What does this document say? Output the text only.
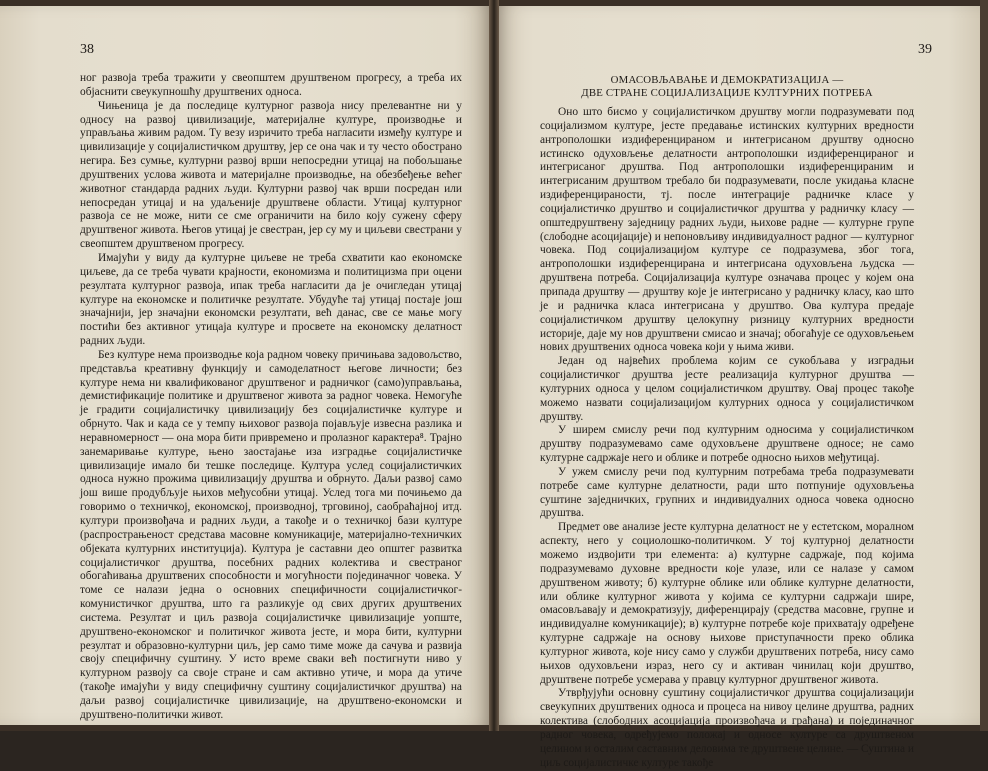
38

ног развоја треба тражити у свеопштем друштвеном прогресу, а треба их објаснити свеукупношћу друштвених односа.

Чињеница је да последице културног развоја нису прелевантне ни у односу на развој цивилизације, материјалне културе, производње и управљања живим радом. Ту везу изричито треба нагласити између културе и цивилизације у социјалистичком друштву, јер се она чак и ту често обострано негира. Без сумње, културни развој врши непосредни утицај на побољшање друштвених услова живота и материјалне производње, на обезбеђење већег животног стандарда радних људи. Културни развој чак врши посредан или непосредан утицај и на удаљеније друштвене области. Утицај културног развоја се не може, нити се сме ограничити на било коју сужену сферу друштвеног живота. Његов утицај је свестран, јер су му и циљеви свестрани у свеопштем друштвеном прогресу.

Имајући у виду да културне циљеве не треба схватити као економске циљеве, да се треба чувати крајности, економизма и политицизма при оцени резултата културног развоја, ипак треба нагласити да је очигледан утицај културе на економске и политичке резултате. Убудуће тај утицај постаје још значајнији, јер значајни економски резултати, већ данас, све се мање могу постићи без активног утицаја културе и просвете на економску делатност радних људи.

Без културе нема производње која радном човеку причињава задовољство, представља креативну функцију и самоделатност његове личности; без културе нема ни квалификованог друштвеног и радничког (само)управљања, демистификације политике и друштвеног живота за радног човека. Немогуће је градити социјалистичку цивилизацију без социјалистичке културе и обрнуто. Чак и када се у темпу њиховог развоја појављује извесна разлика и неравномерност — она мора бити привремено и пролазног карактера⁸. Трајно занемаривање културе, њено заостајање иза изградње социјалистичке цивилизације имало би тешке последице. Култура услед социјалистичких односа нужно прожима цивилизацију друштва и обрнуто. Даљи развој само још више продубљује њихов међусобни утицај. Услед тога ми почињемо да говоримо о техничкој, економској, производној, трговиној, саобраћајној итд. култури произвођача и радних људи, а такође и о техничкој бази културе (распрострањеност средстава масовне комуникације, материјално-техничких објеката културних институција). Култура је саставни део општег развитка социјалистичког друштва, посебних радних колектива и свестраног обогаћивања друштвених способности и могућности појединачног човека. У томе се налази једна о основних специфичности социјалистичког-комунистичког друштва, што га разликује од свих других друштвених система. Резултат и циљ развоја социјалистичке цивилизације уопште, друштвено-економског и политичког живота јесте, и мора бити, културни резултат и образовно-културни циљ, јер само тиме може да сачува и развија своју специфичну суштину. У исто време сваки већ постигнути ниво у културном развоју са своје стране и сам активно утиче, и мора да утиче (такође имајући у виду специфичну суштину социјалистичког друштва) на даљи развој социјалистичке цивилизације, на друштвено-економски и друштвено-политички живот.

39

ОМАСОВЉАВАЊЕ И ДЕМОКРАТИЗАЦИЈА —
ДВЕ СТРАНЕ СОЦИЈАЛИЗАЦИЈЕ КУЛТУРНИХ ПОТРЕБА

Оно што бисмо у социјалистичком друштву могли подразумевати под социјализмом културе, јесте предавање истинских културних вредности антрополошки издиференцираном и интегрисаном друштву односно истинско одуховљење делатности антрополошки издиференцираног и интегрисаног друштва. Под антрополошки издиференцираним и интегрисаним друштвом требало би подразумевати, после укидања класне издиференцираности, тј. после интеграције радничке класе у социјалистичко друштво и социјалистичког друштва у радничку класу — општедруштвену заједницу радних људи, њихове радне — културне групе (слободне асоцијације) и непоновљиву индивидуалност радног — културног човека. Под социјализацијом културе се подразумева, због тога, антрополошки издиференцирана и интегрисана одуховљена људска — друштвена потреба. Социјализација културе означава процес у којем она припада друштву — друштву које је интегрисано у радничку класу, као што је и радничка класа интегрисана у друштво. Ова култура предаје социјалистичком друштву целокупну ризницу културних вредности историје, даје му нов друштвени смисао и значај; обогаћује се одуховљењем нових друштвених односа човека који у њима живи.

Један од највећих проблема којим се сукобљава у изградњи социјалистичког друштва јесте реализација културног друштва — културних односа у целом социјалистичком друштву. Овај процес такође можемо назвати социјализацијом културних односа у социјалистичком друштву.

У ширем смислу речи под културним односима у социјалистичком друштву подразумевамо саме одуховљене друштвене односе; не само културне садржаје него и облике и потребе односно њихов међутицај.

У ужем смислу речи под културним потребама треба подразумевати потребе саме културне делатности, ради што потпуније одуховљења суштине заједничких, групних и индивидуалних односа човека односно друштва.

Предмет ове анализе јесте културна делатност не у естетском, моралном аспекту, него у социолошко-политичком. У тој културној делатности можемо издвојити три елемента: а) културне садржаје, под којима подразумевамо духовне вредности које улазе, или се налазе у самом друштвеном животу; б) културне облике или облике културне делатности, или облике културног живота у којима се културни садржаји шире, омасовљавају и демократизују, диференцирају (средства масовне, групне и индивидуалне комуникације); в) културне потребе које прихватају одређене културне садржаје на основу њихове приступачности преко облика културног живота, које нису само у служби друштвених потреба, нису само њихов одуховљени израз, него су и активан чинилац који друштво, друштвене потребе усмерава у правцу културног друштвеног живота.

Утврђујући основну суштину социјалистичког друштва социјализацији свеукупних друштвених односа и процеса на нивоу целине друштва, радних колектива (слободних асоцијација произвођача и грађана) и појединачног радног човека, одређујемо положај и односе културе са друштвеном целином и осталим саставним деловима те друштвене целине. — Суштина и циљ социјалистичке културе такође
